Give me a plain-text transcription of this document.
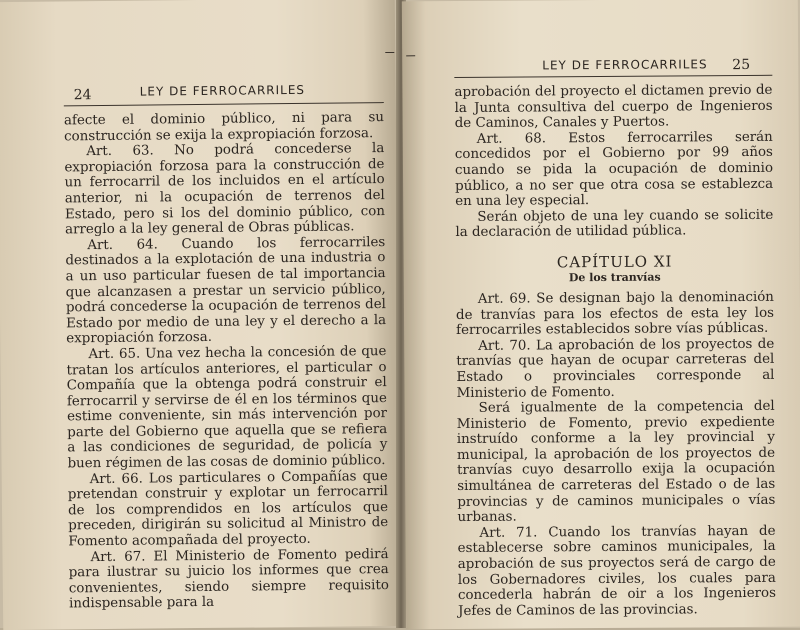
24	LEY DE FERROCARRILES

afecte el dominio público, ni para su construcción se exija la expropiación forzosa.

Art. 63. No podrá concederse la expropiación forzosa para la construcción de un ferrocarril de los incluidos en el artículo anterior, ni la ocupación de terrenos del Estado, pero si los del dominio público, con arreglo a la ley general de Obras públicas.

Art. 64. Cuando los ferrocarriles destinados a la explotación de una industria o a un uso particular fuesen de tal importancia que alcanzasen a prestar un servicio público, podrá concederse la ocupación de terrenos del Estado por medio de una ley y el derecho a la expropiación forzosa.

Art. 65. Una vez hecha la concesión de que tratan los artículos anteriores, el particular o Compañía que la obtenga podrá construir el ferrocarril y servirse de él en los términos que estime conveniente, sin más intervención por parte del Gobierno que aquella que se refiera a las condiciones de seguridad, de policía y buen régimen de las cosas de dominio público.

Art. 66. Los particulares o Compañías que pretendan construir y explotar un ferrocarril de los comprendidos en los artículos que preceden, dirigirán su solicitud al Ministro de Fomento acompañada del proyecto.

Art. 67. El Ministerio de Fomento pedirá para ilustrar su juicio los informes que crea convenientes, siendo siempre requisito indispensable para la

LEY DE FERROCARRILES 25

aprobación del proyecto el dictamen previo de la Junta consultiva del cuerpo de Ingenieros de Caminos, Canales y Puertos.

Art. 68. Estos ferrocarriles serán concedidos por el Gobierno por 99 años cuando se pida la ocupación de dominio público, a no ser que otra cosa se establezca en una ley especial.

Serán objeto de una ley cuando se solicite la declaración de utilidad pública.

CAPÍTULO XI
De los tranvías

Art. 69. Se designan bajo la denominación de tranvías para los efectos de esta ley los ferrocarriles establecidos sobre vías públicas.

Art. 70. La aprobación de los proyectos de tranvías que hayan de ocupar carreteras del Estado o provinciales corresponde al Ministerio de Fomento.

Será igualmente de la competencia del Ministerio de Fomento, previo expediente instruído conforme a la ley provincial y municipal, la aprobación de los proyectos de tranvías cuyo desarrollo exija la ocupación simultánea de carreteras del Estado o de las provincias y de caminos municipales o vías urbanas.

Art. 71. Cuando los tranvías hayan de establecerse sobre caminos municipales, la aprobación de sus proyectos será de cargo de los Gobernadores civiles, los cuales para concederla habrán de oir a los Ingenieros Jefes de Caminos de las provincias.
